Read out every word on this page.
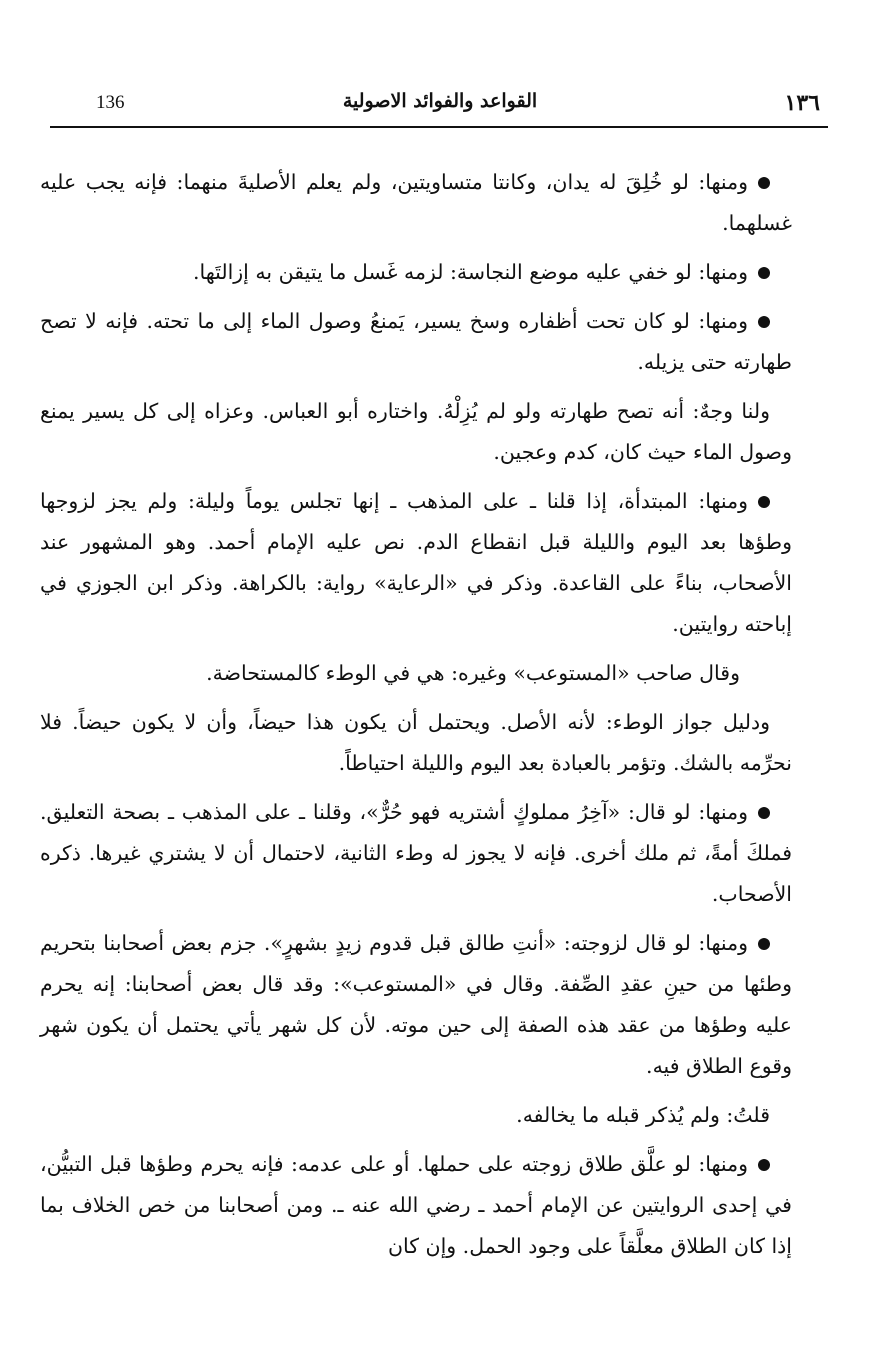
136	القواعد والفوائد الاصولية	١٣٦

ومنها: لو خُلِقَ له يدان، وكانتا متساويتين، ولم يعلم الأصليةَ منهما: فإنه يجب عليه غسلهما.

ومنها: لو خفي عليه موضع النجاسة: لزمه غَسل ما يتيقن به إزالتَها.

ومنها: لو كان تحت أظفاره وسخ يسير، يَمنعُ وصول الماء إلى ما تحته. فإنه لا تصح طهارته حتى يزيله.

ولنا وجهٌ: أنه تصح طهارته ولو لم يُزِلْهُ. واختاره أبو العباس. وعزاه إلى كل يسير يمنع وصول الماء حيث كان، كدم وعجين.

ومنها: المبتدأة، إذا قلنا ـ على المذهب ـ إنها تجلس يوماً وليلة: ولم يجز لزوجها وطؤها بعد اليوم والليلة قبل انقطاع الدم. نص عليه الإمام أحمد. وهو المشهور عند الأصحاب، بناءً على القاعدة. وذكر في «الرعاية» رواية: بالكراهة. وذكر ابن الجوزي في إباحته روايتين.

وقال صاحب «المستوعب» وغيره: هي في الوطء كالمستحاضة.

ودليل جواز الوطء: لأنه الأصل. ويحتمل أن يكون هذا حيضاً، وأن لا يكون حيضاً. فلا نحرِّمه بالشك. وتؤمر بالعبادة بعد اليوم والليلة احتياطاً.

ومنها: لو قال: «آخِرُ مملوكٍ أشتريه فهو حُرٌّ»، وقلنا ـ على المذهب ـ بصحة التعليق. فملكَ أمةً، ثم ملك أخرى. فإنه لا يجوز له وطء الثانية، لاحتمال أن لا يشتري غيرها. ذكره الأصحاب.

ومنها: لو قال لزوجته: «أنتِ طالق قبل قدوم زيدٍ بشهرٍ». جزم بعض أصحابنا بتحريم وطئها من حينِ عقدِ الصِّفة. وقال في «المستوعب»: وقد قال بعض أصحابنا: إنه يحرم عليه وطؤها من عقد هذه الصفة إلى حين موته. لأن كل شهر يأتي يحتمل أن يكون شهر وقوع الطلاق فيه.

قلتُ: ولم يُذكر قبله ما يخالفه.

ومنها: لو علَّق طلاق زوجته على حملها. أو على عدمه: فإنه يحرم وطؤها قبل التبيُّن، في إحدى الروايتين عن الإمام أحمد ـ رضي الله عنه ـ. ومن أصحابنا من خص الخلاف بما إذا كان الطلاق معلَّقاً على وجود الحمل. وإن كان
